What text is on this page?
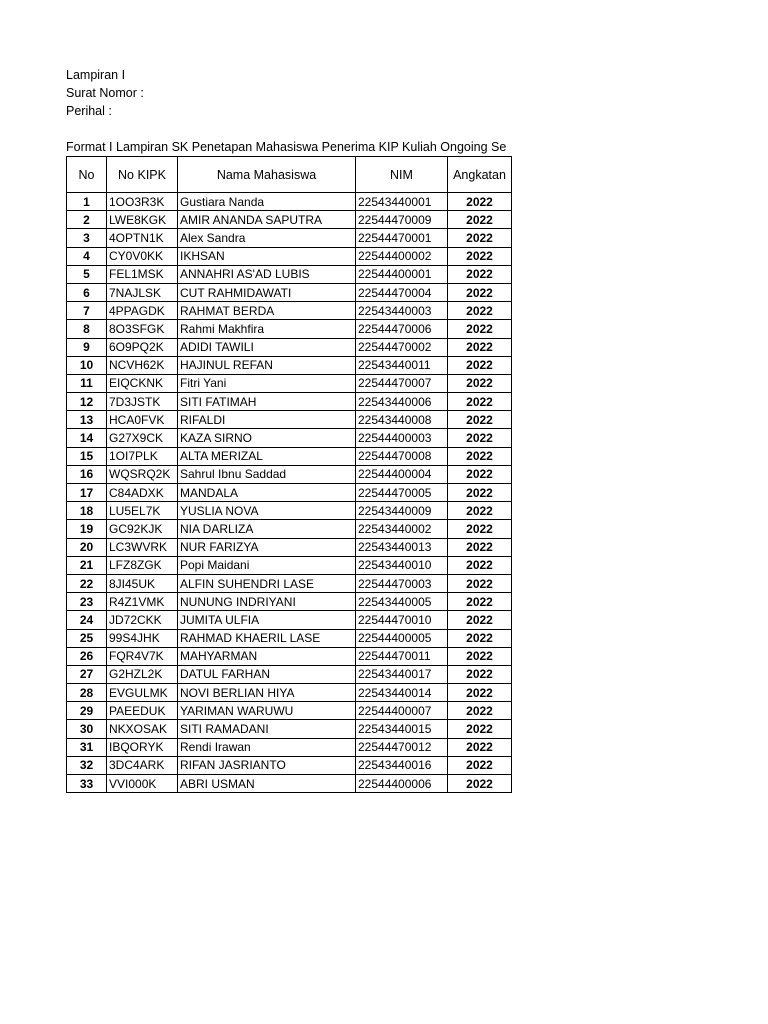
Lampiran I
Surat Nomor :
Perihal :
Format I Lampiran SK Penetapan Mahasiswa Penerima KIP Kuliah Ongoing Se
No	No KIPK	Nama Mahasiswa	NIM	Angkatan
1	1OO3R3K	Gustiara Nanda	22543440001	2022
2	LWE8KGK	AMIR ANANDA SAPUTRA	22544470009	2022
3	4OPTN1K	Alex Sandra	22544470001	2022
4	CY0V0KK	IKHSAN	22544400002	2022
5	FEL1MSK	ANNAHRI AS'AD LUBIS	22544400001	2022
6	7NAJLSK	CUT RAHMIDAWATI	22544470004	2022
7	4PPAGDK	RAHMAT BERDA	22543440003	2022
8	8O3SFGK	Rahmi Makhfira	22544470006	2022
9	6O9PQ2K	ADIDI TAWILI	22544470002	2022
10	NCVH62K	HAJINUL REFAN	22543440011	2022
11	EIQCKNK	Fitri Yani	22544470007	2022
12	7D3JSTK	SITI FATIMAH	22543440006	2022
13	HCA0FVK	RIFALDI	22543440008	2022
14	G27X9CK	KAZA SIRNO	22544400003	2022
15	1OI7PLK	ALTA MERIZAL	22544470008	2022
16	WQSRQ2K	Sahrul Ibnu Saddad	22544400004	2022
17	C84ADXK	MANDALA	22544470005	2022
18	LU5EL7K	YUSLIA NOVA	22543440009	2022
19	GC92KJK	NIA DARLIZA	22543440002	2022
20	LC3WVRK	NUR FARIZYA	22543440013	2022
21	LFZ8ZGK	Popi Maidani	22543440010	2022
22	8JI45UK	ALFIN SUHENDRI LASE	22544470003	2022
23	R4Z1VMK	NUNUNG INDRIYANI	22543440005	2022
24	JD72CKK	JUMITA ULFIA	22544470010	2022
25	99S4JHK	RAHMAD KHAERIL LASE	22544400005	2022
26	FQR4V7K	MAHYARMAN	22544470011	2022
27	G2HZL2K	DATUL FARHAN	22543440017	2022
28	EVGULMK	NOVI BERLIAN HIYA	22543440014	2022
29	PAEEDUK	YARIMAN WARUWU	22544400007	2022
30	NKXOSAK	SITI RAMADANI	22543440015	2022
31	IBQORYK	Rendi Irawan	22544470012	2022
32	3DC4ARK	RIFAN JASRIANTO	22543440016	2022
33	VVI000K	ABRI USMAN	22544400006	2022
